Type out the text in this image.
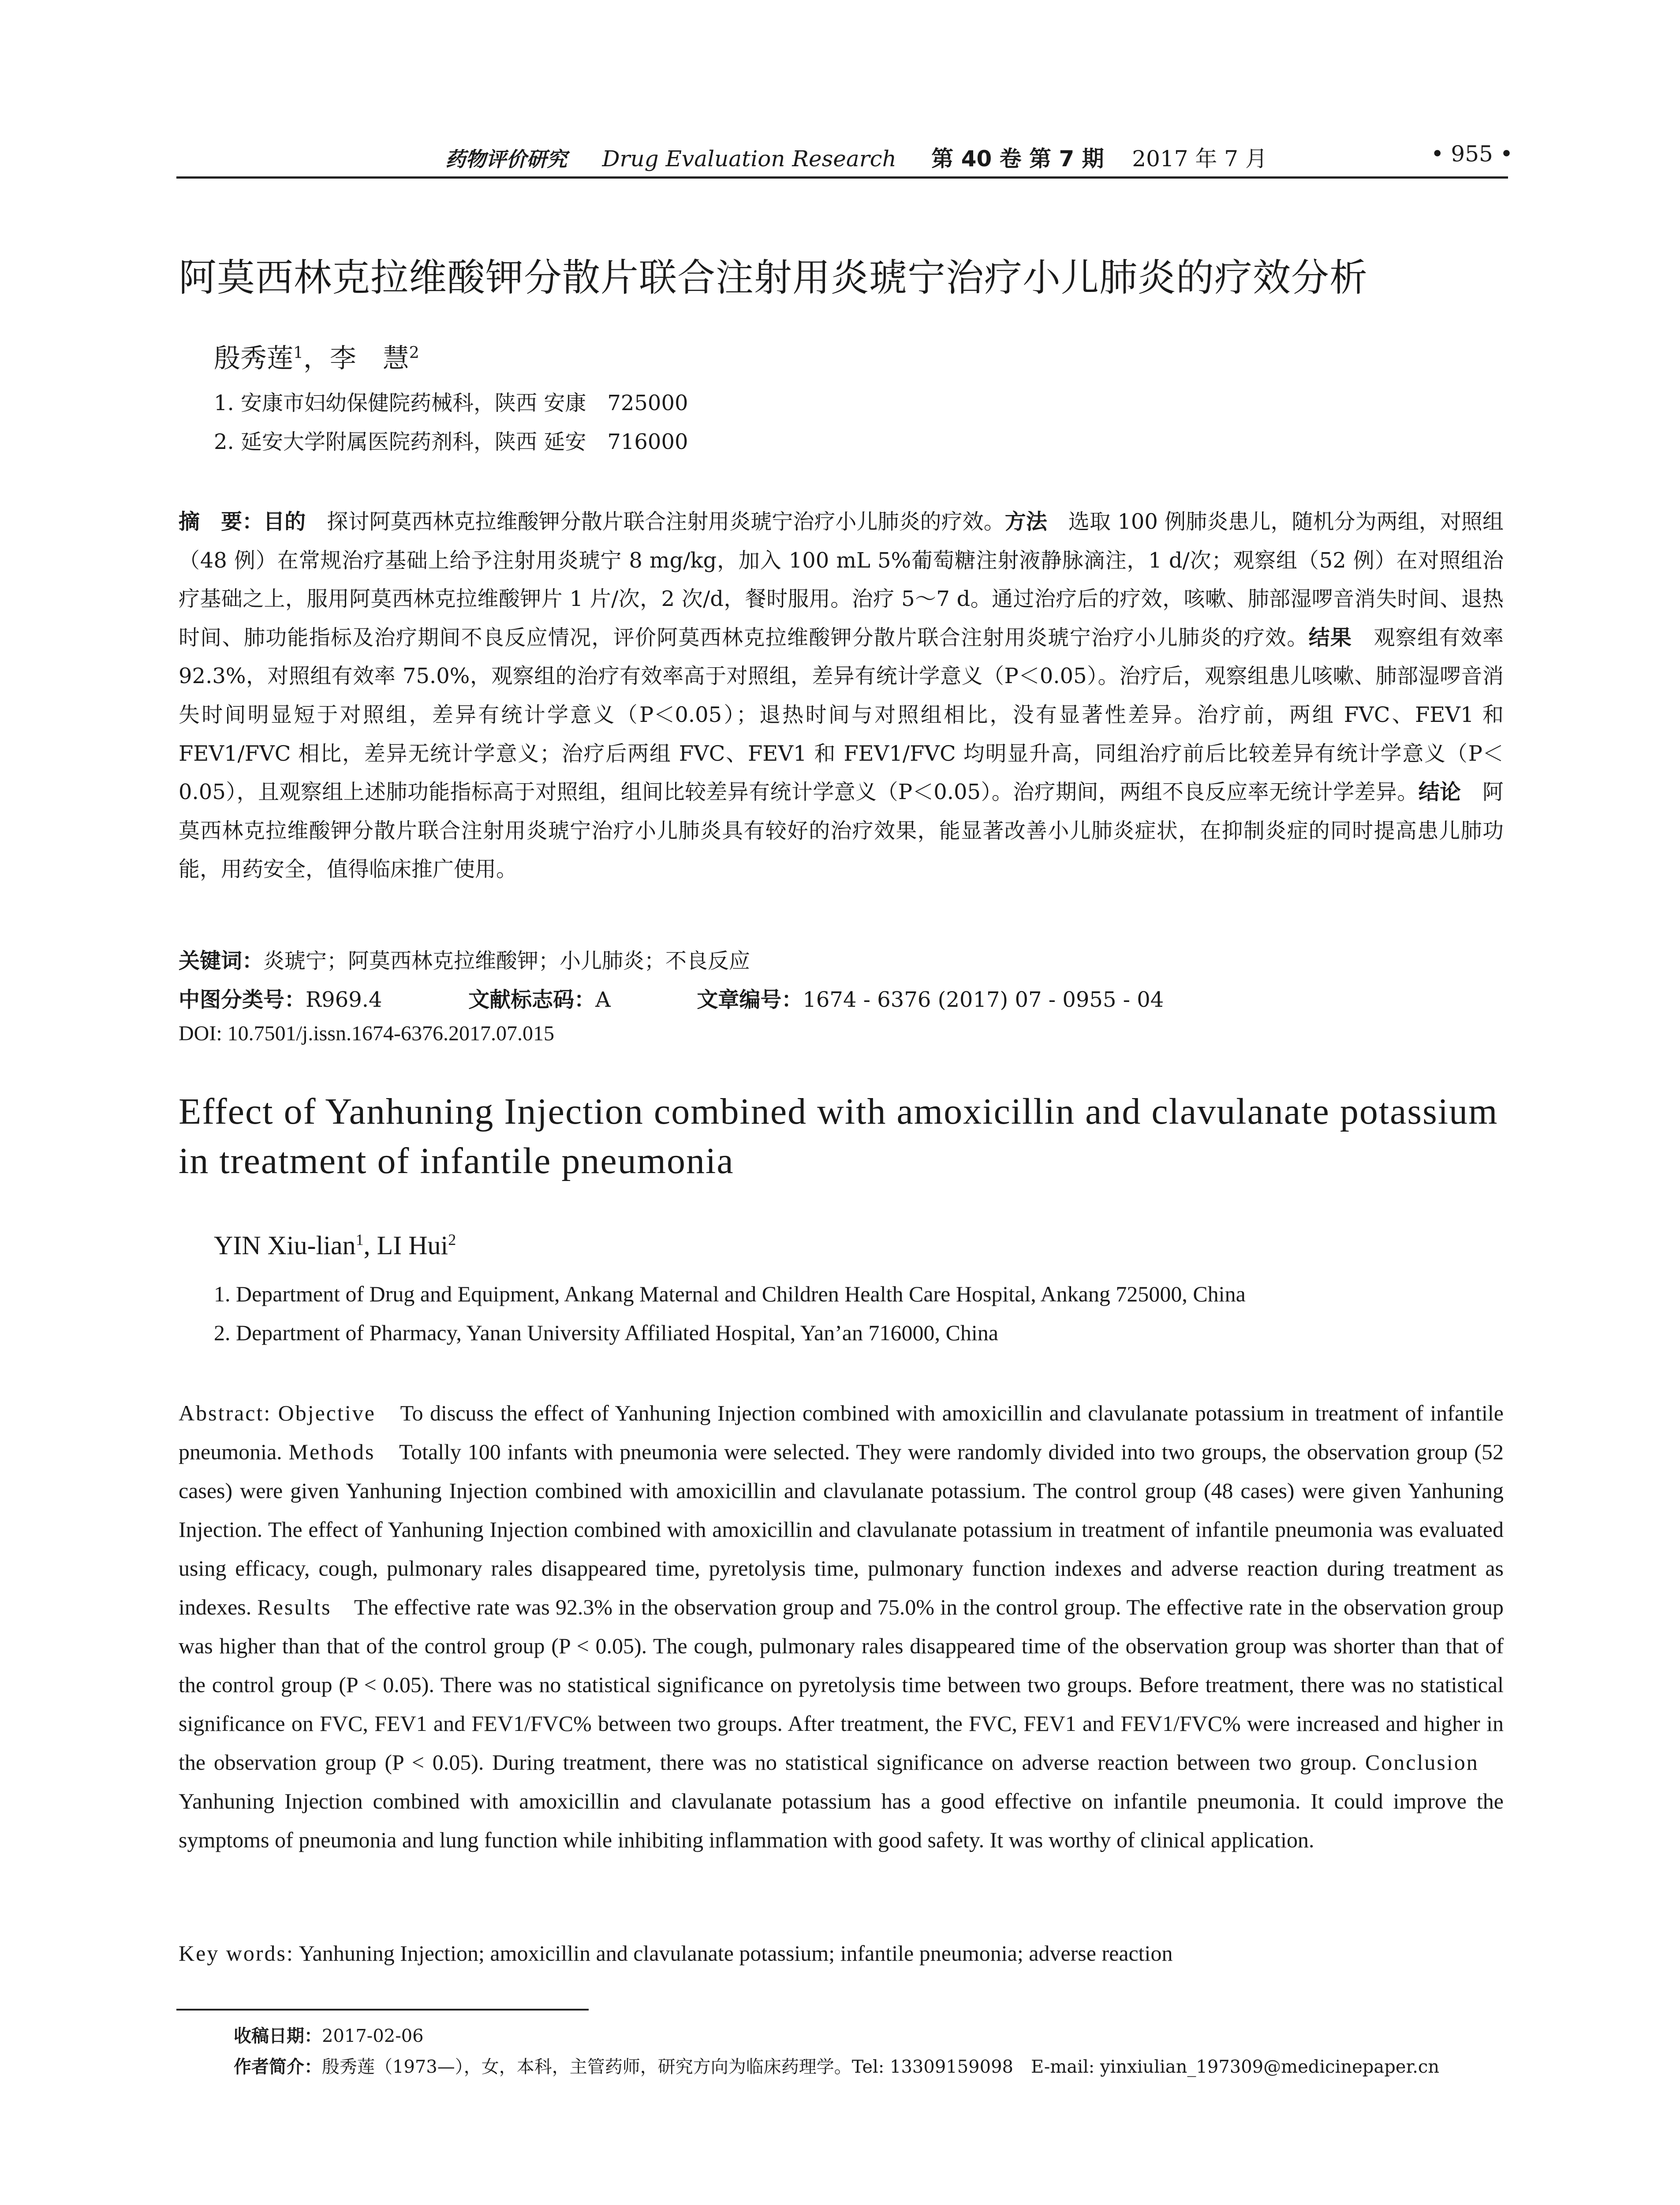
药物评价研究 Drug Evaluation Research 第 40 卷 第 7 期 2017 年 7 月	• 955 •
阿莫西林克拉维酸钾分散片联合注射用炎琥宁治疗小儿肺炎的疗效分析
殷秀莲$^1$，李　慧$^2$
1. 安康市妇幼保健院药械科，陕西 安康　725000
2. 延安大学附属医院药剂科，陕西 延安　716000
摘　要：目的　探讨阿莫西林克拉维酸钾分散片联合注射用炎琥宁治疗小儿肺炎的疗效。方法　选取 100 例肺炎患儿，随机分为两组，对照组（48 例）在常规治疗基础上给予注射用炎琥宁 8 mg/kg，加入 100 mL 5%葡萄糖注射液静脉滴注，1 d/次；观察组（52 例）在对照组治疗基础之上，服用阿莫西林克拉维酸钾片 1 片/次，2 次/d，餐时服用。治疗 5～7 d。通过治疗后的疗效，咳嗽、肺部湿啰音消失时间、退热时间、肺功能指标及治疗期间不良反应情况，评价阿莫西林克拉维酸钾分散片联合注射用炎琥宁治疗小儿肺炎的疗效。结果　观察组有效率 92.3%，对照组有效率 75.0%，观察组的治疗有效率高于对照组，差异有统计学意义（P＜0.05）。治疗后，观察组患儿咳嗽、肺部湿啰音消失时间明显短于对照组，差异有统计学意义（P＜0.05）；退热时间与对照组相比，没有显著性差异。治疗前，两组 FVC、FEV1 和 FEV1/FVC 相比，差异无统计学意义；治疗后两组 FVC、FEV1 和 FEV1/FVC 均明显升高，同组治疗前后比较差异有统计学意义（P＜0.05），且观察组上述肺功能指标高于对照组，组间比较差异有统计学意义（P＜0.05）。治疗期间，两组不良反应率无统计学差异。结论　阿莫西林克拉维酸钾分散片联合注射用炎琥宁治疗小儿肺炎具有较好的治疗效果，能显著改善小儿肺炎症状，在抑制炎症的同时提高患儿肺功能，用药安全，值得临床推广使用。
关键词：炎琥宁；阿莫西林克拉维酸钾；小儿肺炎；不良反应
中图分类号：R969.4	文献标志码：A	文章编号：1674 - 6376 (2017) 07 - 0955 - 04
DOI: 10.7501/j.issn.1674-6376.2017.07.015
Effect of Yanhuning Injection combined with amoxicillin and clavulanate potassium in treatment of infantile pneumonia
YIN Xiu-lian$^1$, LI Hui$^2$
1. Department of Drug and Equipment, Ankang Maternal and Children Health Care Hospital, Ankang 725000, China
2. Department of Pharmacy, Yanan University Affiliated Hospital, Yan’an 716000, China
Abstract: Objective　To discuss the effect of Yanhuning Injection combined with amoxicillin and clavulanate potassium in treatment of infantile pneumonia. Methods　Totally 100 infants with pneumonia were selected. They were randomly divided into two groups, the observation group (52 cases) were given Yanhuning Injection combined with amoxicillin and clavulanate potassium. The control group (48 cases) were given Yanhuning Injection. The effect of Yanhuning Injection combined with amoxicillin and clavulanate potassium in treatment of infantile pneumonia was evaluated using efficacy, cough, pulmonary rales disappeared time, pyretolysis time, pulmonary function indexes and adverse reaction during treatment as indexes. Results　The effective rate was 92.3% in the observation group and 75.0% in the control group. The effective rate in the observation group was higher than that of the control group (P < 0.05). The cough, pulmonary rales disappeared time of the observation group was shorter than that of the control group (P < 0.05). There was no statistical significance on pyretolysis time between two groups. Before treatment, there was no statistical significance on FVC, FEV1 and FEV1/FVC% between two groups. After treatment, the FVC, FEV1 and FEV1/FVC% were increased and higher in the observation group (P < 0.05). During treatment, there was no statistical significance on adverse reaction between two group. Conclusion　Yanhuning Injection combined with amoxicillin and clavulanate potassium has a good effective on infantile pneumonia. It could improve the symptoms of pneumonia and lung function while inhibiting inflammation with good safety. It was worthy of clinical application.
Key words: Yanhuning Injection; amoxicillin and clavulanate potassium; infantile pneumonia; adverse reaction
收稿日期：2017-02-06
作者简介：殷秀莲（1973—），女，本科，主管药师，研究方向为临床药理学。Tel: 13309159098　E-mail: yinxiulian_197309@medicinepaper.cn
